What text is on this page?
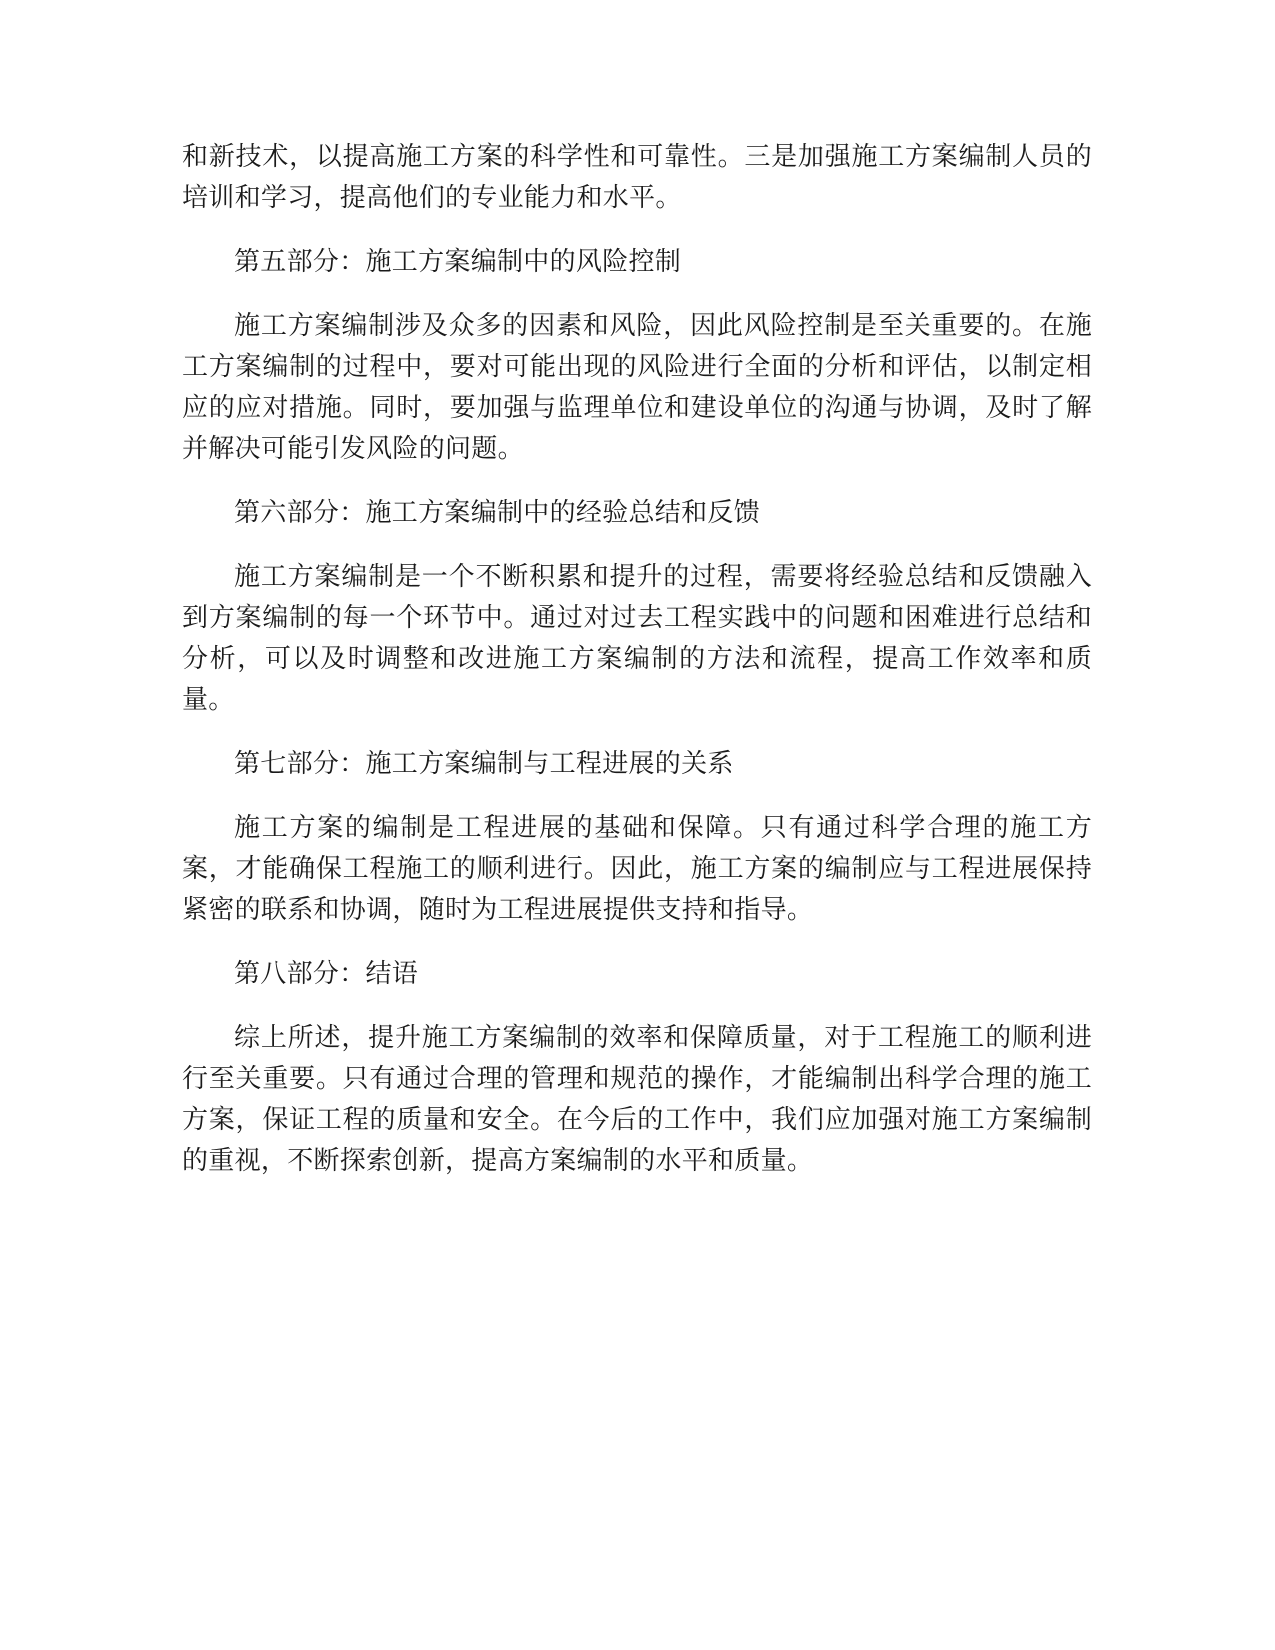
和新技术，以提高施工方案的科学性和可靠性。三是加强施工方案编制人员的培训和学习，提高他们的专业能力和水平。

第五部分：施工方案编制中的风险控制

施工方案编制涉及众多的因素和风险，因此风险控制是至关重要的。在施工方案编制的过程中，要对可能出现的风险进行全面的分析和评估，以制定相应的应对措施。同时，要加强与监理单位和建设单位的沟通与协调，及时了解并解决可能引发风险的问题。

第六部分：施工方案编制中的经验总结和反馈

施工方案编制是一个不断积累和提升的过程，需要将经验总结和反馈融入到方案编制的每一个环节中。通过对过去工程实践中的问题和困难进行总结和分析，可以及时调整和改进施工方案编制的方法和流程，提高工作效率和质量。

第七部分：施工方案编制与工程进展的关系

施工方案的编制是工程进展的基础和保障。只有通过科学合理的施工方案，才能确保工程施工的顺利进行。因此，施工方案的编制应与工程进展保持紧密的联系和协调，随时为工程进展提供支持和指导。

第八部分：结语

综上所述，提升施工方案编制的效率和保障质量，对于工程施工的顺利进行至关重要。只有通过合理的管理和规范的操作，才能编制出科学合理的施工方案，保证工程的质量和安全。在今后的工作中，我们应加强对施工方案编制的重视，不断探索创新，提高方案编制的水平和质量。
